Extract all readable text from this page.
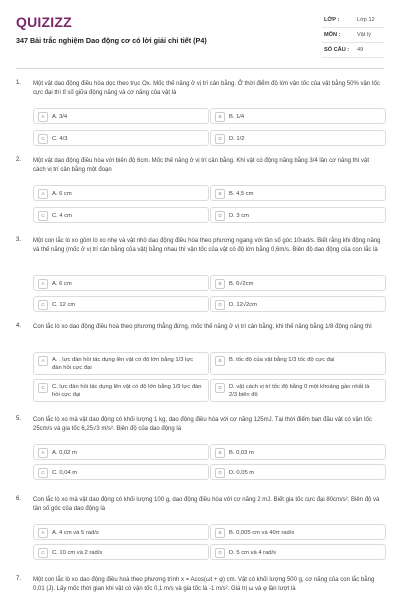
QUIZIZZ
347 Bài trắc nghiệm Dao động cơ có lời giải chi tiết (P4)
LỚP :	Lớp 12
MÔN :	Vật lý
SỐ CÂU : 49
1. Một vật dao động điều hòa dọc theo trục Ox. Mốc thế năng ở vị trí cân bằng. Ở thời điểm độ lớn vận tốc của vật bằng 50% vận tốc cực đại thì tỉ số giữa động năng và cơ năng của vật là
A	A. 3/4	B	B. 1/4
C	C. 4/3	D	D. 1/2
2. Một vật dao động điều hòa với biên độ 6cm. Mốc thế năng ở vị trí cân bằng. Khi vật có động năng bằng 3/4 lần cơ năng thì vật cách vị trí cân bằng một đoạn
A	A. 6 cm	B	B. 4,5 cm
C	C. 4 cm	D	D. 3 cm
3. Một con lắc lò xo gồm lò xo nhẹ và vật nhỏ dao động điều hòa theo phương ngang với tần số góc 10rad/s. Biết rằng khi động năng và thế năng (mốc ở vị trí cân bằng của vật) bằng nhau thì vận tốc của vật có độ lớn bằng 0,6m/s. Biên độ dao động của con lắc là
A	A. 6 cm	B	B. 6√2cm
C	C. 12 cm	D	D. 12√2cm
4. Con lắc lò xo dao động điều hoà theo phương thẳng đứng, mốc thế năng ở vị trí cân bằng, khi thế năng bằng 1/8 động năng thì
A	A. . lực đàn hồi tác dụng lên vật có độ lớn bằng 1/3 lực đàn hồi cực đại
B	B. tốc độ của vật bằng 1/3 tốc độ cực đại
C	C. lực đàn hồi tác dụng lên vật có độ lớn bằng 1/9 lực đàn hồi cực đại
D	D. vật cách vị trí tốc độ bằng 0 một khoảng gần nhất là 2/3 biên độ
5. Con lắc lò xo mà vật dao động có khối lượng 1 kg, dao động điều hòa với cơ năng 125mJ. Tại thời điểm ban đầu vật có vận tốc 25cm/s và gia tốc 6,25√3 m/s². Biên độ của dao động là
A	A. 0,02 m	B	B. 0,03 m
C	C. 0,04 m	D	D. 0,05 m
6. Con lắc lò xo mà vật dao động có khối lượng 100 g, dao động điều hòa với cơ năng 2 mJ. Biết gia tốc cực đại 80cm/s². Biên độ và tần số góc của dao động là
A	A. 4 cm và 5 rad/s	B	B. 0,005 cm và 40π rad/s
C	C. 10 cm và 2 rad/s	D	D. 5 cm và 4 rad/s
7. Một con lắc lò xo dao động điều hoà theo phương trình x = Acos(ωt + φ) cm. Vật có khối lượng 500 g, cơ năng của con lắc bằng 0,01 (J). Lấy mốc thời gian khi vật có vận tốc 0,1 m/s và gia tốc là -1 m/s². Giá trị ω và φ lần lượt là
